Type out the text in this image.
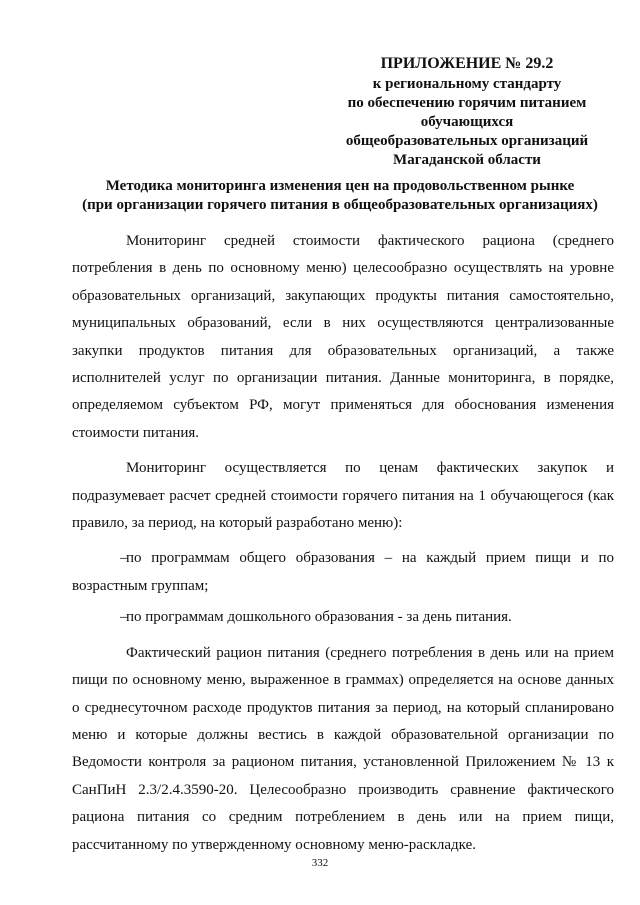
ПРИЛОЖЕНИЕ № 29.2
к региональному стандарту
по обеспечению горячим питанием
обучающихся
общеобразовательных организаций
Магаданской области
Методика мониторинга изменения цен на продовольственном рынке
(при организации горячего питания в общеобразовательных организациях)

Мониторинг средней стоимости фактического рациона (среднего потребления в день по основному меню) целесообразно осуществлять на уровне образовательных организаций, закупающих продукты питания самостоятельно, муниципальных образований, если в них осуществляются централизованные закупки продуктов питания для образовательных организаций, а также исполнителей услуг по организации питания. Данные мониторинга, в порядке, определяемом субъектом РФ, могут применяться для обоснования изменения стоимости питания.

Мониторинг осуществляется по ценам фактических закупок и подразумевает расчет средней стоимости горячего питания на 1 обучающегося (как правило, за период, на который разработано меню):

–по программам общего образования – на каждый прием пищи и по возрастным группам;

–по программам дошкольного образования - за день питания.

Фактический рацион питания (среднего потребления в день или на прием пищи по основному меню, выраженное в граммах) определяется на основе данных о среднесуточном расходе продуктов питания за период, на который спланировано меню и которые должны вестись в каждой образовательной организации по Ведомости контроля за рационом питания, установленной Приложением № 13 к СанПиН 2.3/2.4.3590-20. Целесообразно производить сравнение фактического рациона питания со средним потреблением в день или на прием пищи, рассчитанному по утвержденному основному меню-раскладке.

332
